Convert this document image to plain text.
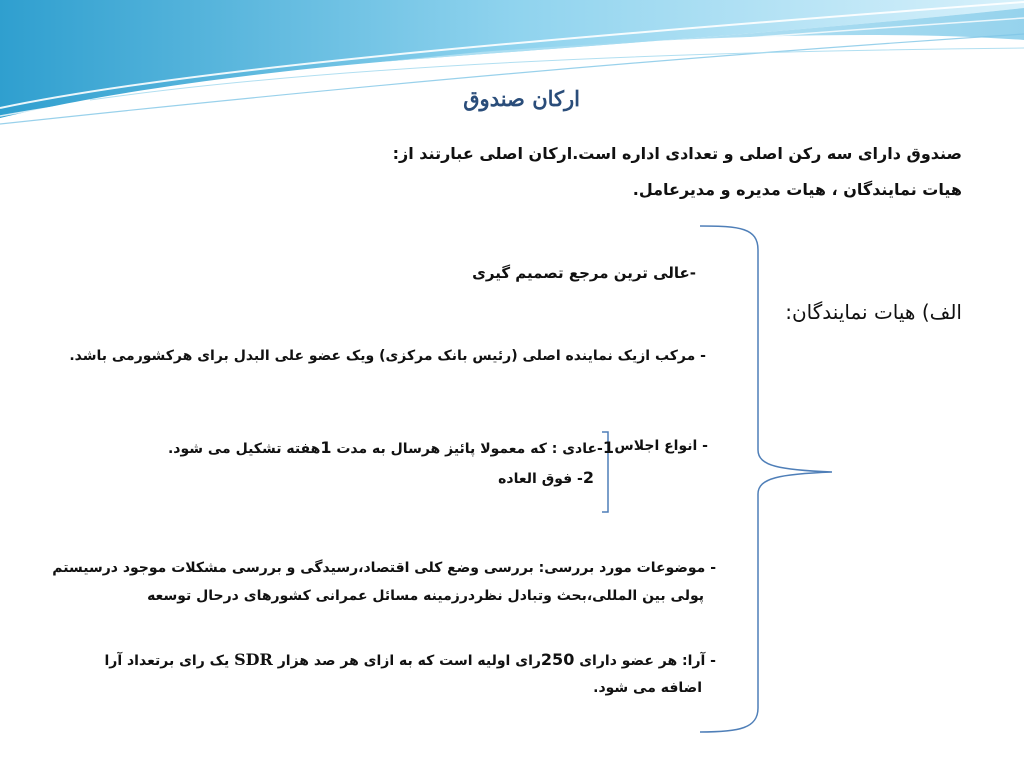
ارکان صندوق
صندوق دارای سه رکن اصلی و تعدادی اداره است.ارکان اصلی عبارتند از:
هیات نمایندگان ، هیات مدیره و مدیرعامل.
الف) هیات نمایندگان:
-عالی ترین مرجع تصمیم گیری
- مرکب ازیک نماینده اصلی (رئیس بانک مرکزی) ویک عضو علی البدل برای هرکشورمی باشد.
- انواع اجلاس
1-عادی : که معمولا پائیز هرسال به مدت 1هفته تشکیل می شود.
2- فوق العاده
- موضوعات مورد بررسی: بررسی وضع کلی اقتصاد،رسیدگی و بررسی مشکلات موجود درسیستم
پولی بین المللی،بحث وتبادل نظردرزمینه مسائل عمرانی کشورهای درحال توسعه
- آرا: هر عضو دارای 250رای اولیه است که به ازای هر صد هزار SDR یک رای برتعداد آرا
اضافه می شود.
